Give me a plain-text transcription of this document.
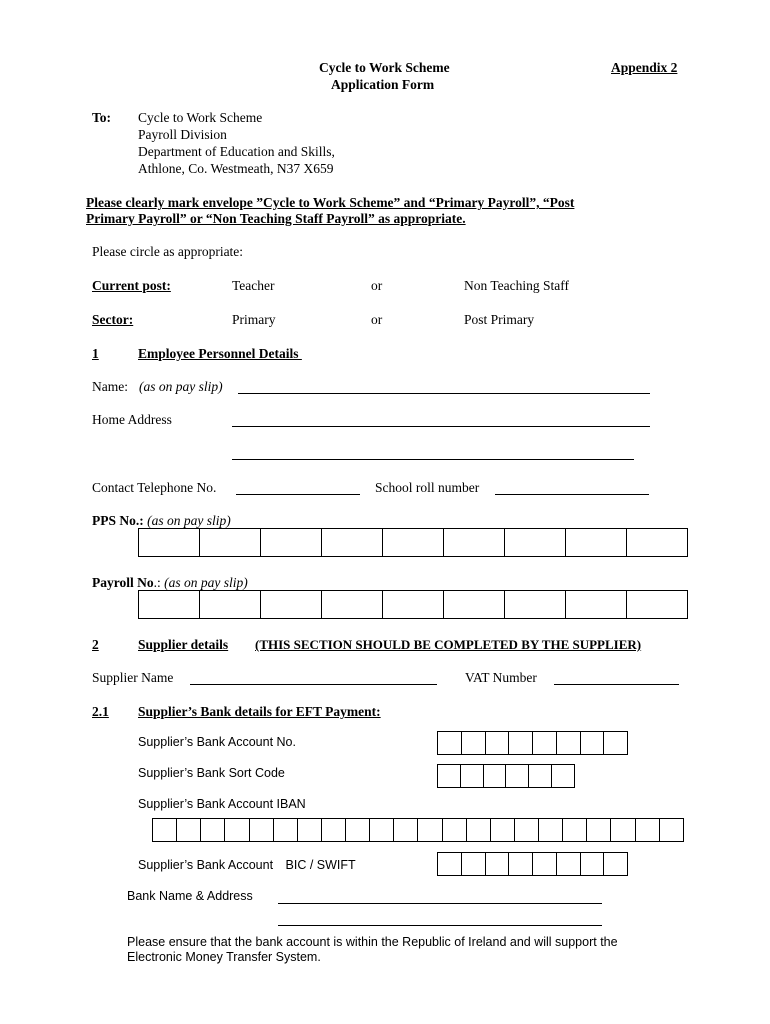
Cycle to Work Scheme
Application Form
Appendix 2
To: Cycle to Work Scheme
Payroll Division
Department of Education and Skills,
Athlone, Co. Westmeath, N37 X659
Please clearly mark envelope ”Cycle to Work Scheme” and “Primary Payroll”, “Post
Primary Payroll” or “Non Teaching Staff Payroll” as appropriate.
Please circle as appropriate:
Current post:	Teacher	or	Non Teaching Staff
Sector:	Primary	or	Post Primary
1	Employee Personnel Details
Name: (as on pay slip)
Home Address
Contact Telephone No.	School roll number
PPS No.: (as on pay slip)
Payroll No.: (as on pay slip)
2	Supplier details (THIS SECTION SHOULD BE COMPLETED BY THE SUPPLIER)
Supplier Name	VAT Number
2.1 Supplier’s Bank details for EFT Payment:
Supplier’s Bank Account No.
Supplier’s Bank Sort Code
Supplier’s Bank Account IBAN
Supplier’s Bank Account BIC / SWIFT
Bank Name & Address
Please ensure that the bank account is within the Republic of Ireland and will support the
Electronic Money Transfer System.
